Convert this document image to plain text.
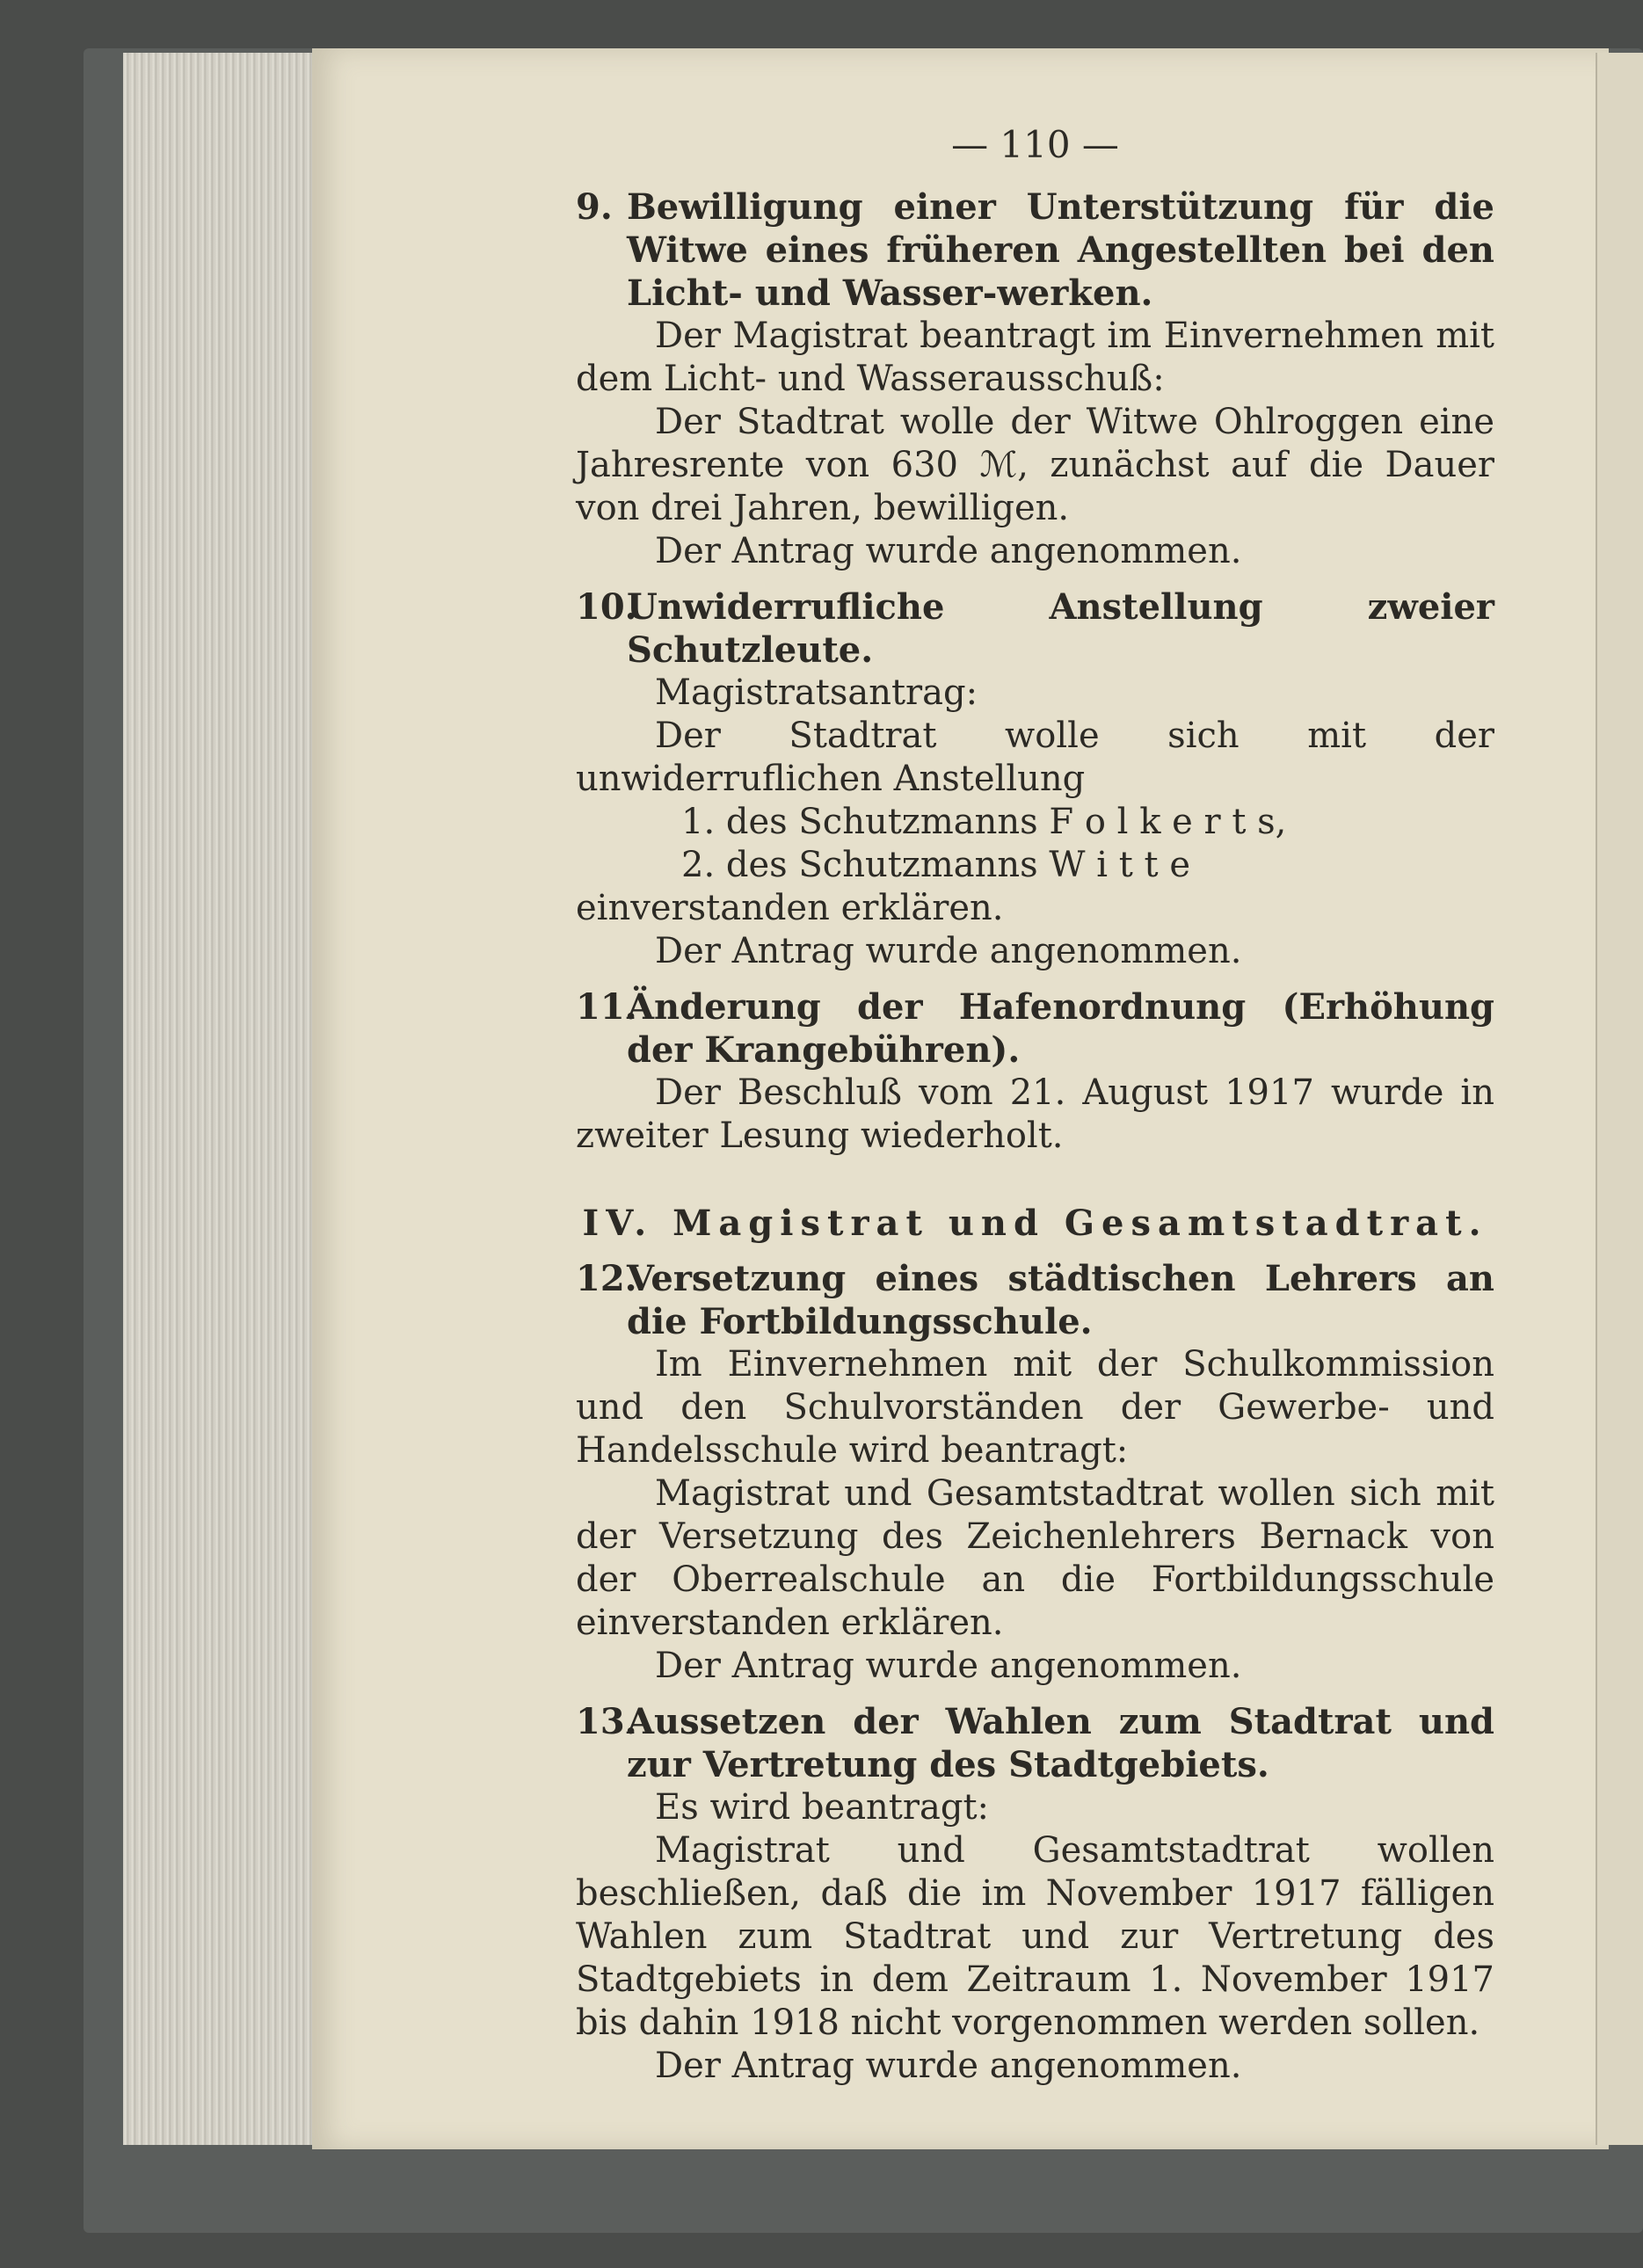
— 110 —
9. Bewilligung einer Unterstützung für die Witwe eines früheren Angestellten bei den Licht- und Wasser-werken.

Der Magistrat beantragt im Einvernehmen mit dem Licht- und Wasserausschuß:

Der Stadtrat wolle der Witwe Ohlroggen eine Jahresrente von 630 ℳ, zunächst auf die Dauer von drei Jahren, bewilligen.

Der Antrag wurde angenommen.

10.
Unwiderrufliche Anstellung zweier Schutzleute.

Magistratsantrag:

Der Stadtrat wolle sich mit der unwiderruflichen Anstellung

1. des Schutzmanns F o l k e r t s,
2. des Schutzmanns W i t t e

einverstanden erklären.

Der Antrag wurde angenommen.

11.
Änderung der Hafenordnung (Erhöhung der Krangebühren).

Der Beschluß vom 21. August 1917 wurde in zweiter Lesung wiederholt.

IV. Magistrat und Gesamtstadtrat.
12.
Versetzung eines städtischen Lehrers an die Fortbildungsschule.

Im Einvernehmen mit der Schulkommission und den Schulvorständen der Gewerbe- und Handelsschule wird beantragt:

Magistrat und Gesamtstadtrat wollen sich mit der Versetzung des Zeichenlehrers Bernack von der Oberrealschule an die Fortbildungsschule einverstanden erklären.

Der Antrag wurde angenommen.

13.
Aussetzen der Wahlen zum Stadtrat und zur Vertretung des Stadtgebiets.

Es wird beantragt:

Magistrat und Gesamtstadtrat wollen beschließen, daß die im November 1917 fälligen Wahlen zum Stadtrat und zur Vertretung des Stadtgebiets in dem Zeitraum 1. November 1917 bis dahin 1918 nicht vorgenommen werden sollen.

Der Antrag wurde angenommen.
